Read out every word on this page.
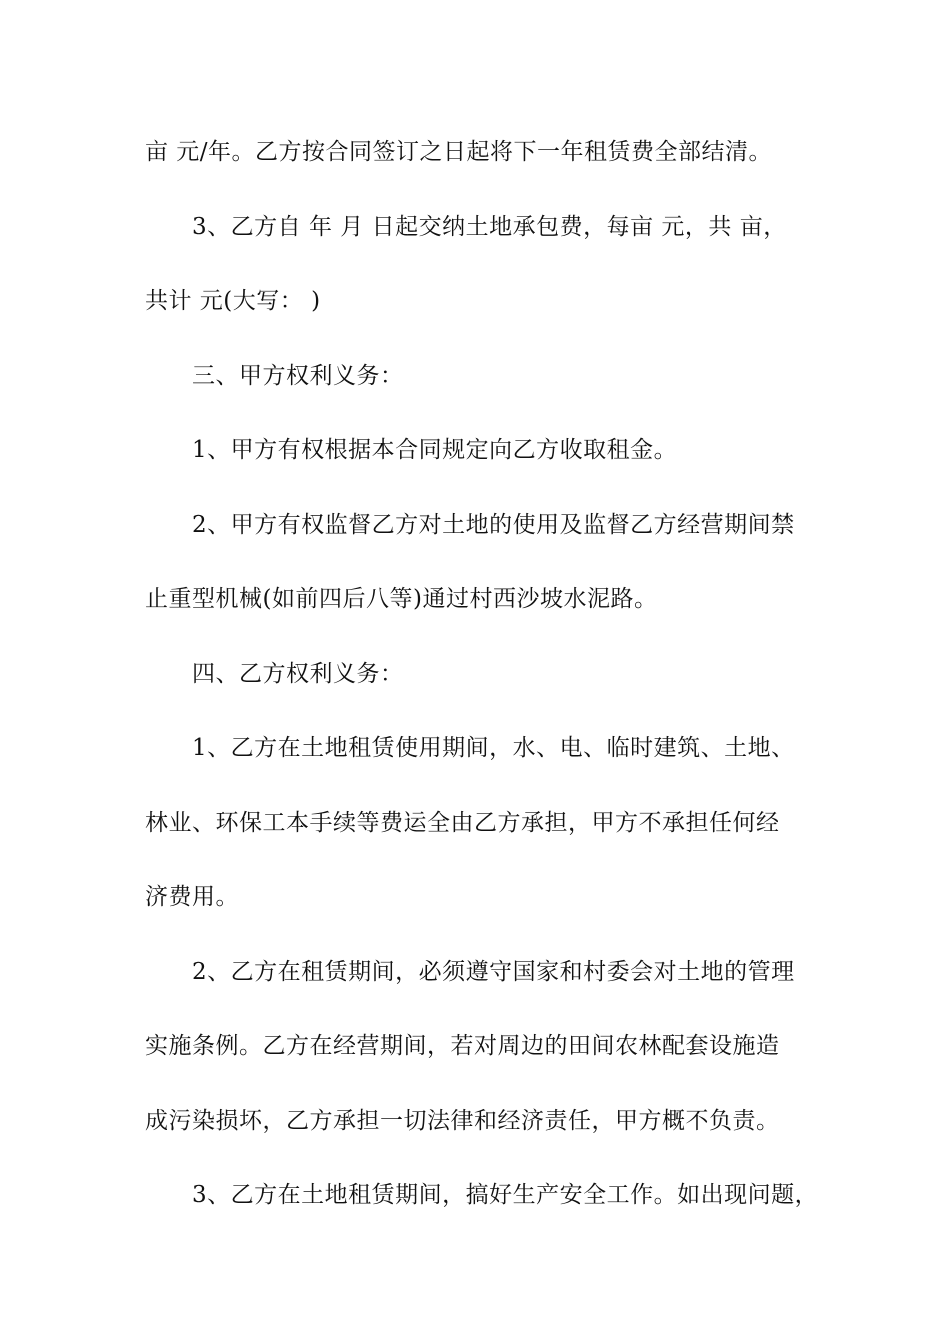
亩 元/年。乙方按合同签订之日起将下一年租赁费全部结清。
3、乙方自 年 月 日起交纳土地承包费，每亩 元，共 亩，
共计 元(大写： )
三、甲方权利义务：
1、甲方有权根据本合同规定向乙方收取租金。
2、甲方有权监督乙方对土地的使用及监督乙方经营期间禁
止重型机械(如前四后八等)通过村西沙坡水泥路。
四、乙方权利义务：
1、乙方在土地租赁使用期间，水、电、临时建筑、土地、
林业、环保工本手续等费运全由乙方承担，甲方不承担任何经
济费用。
2、乙方在租赁期间，必须遵守国家和村委会对土地的管理
实施条例。乙方在经营期间，若对周边的田间农林配套设施造
成污染损坏，乙方承担一切法律和经济责任，甲方概不负责。
3、乙方在土地租赁期间，搞好生产安全工作。如出现问题，
